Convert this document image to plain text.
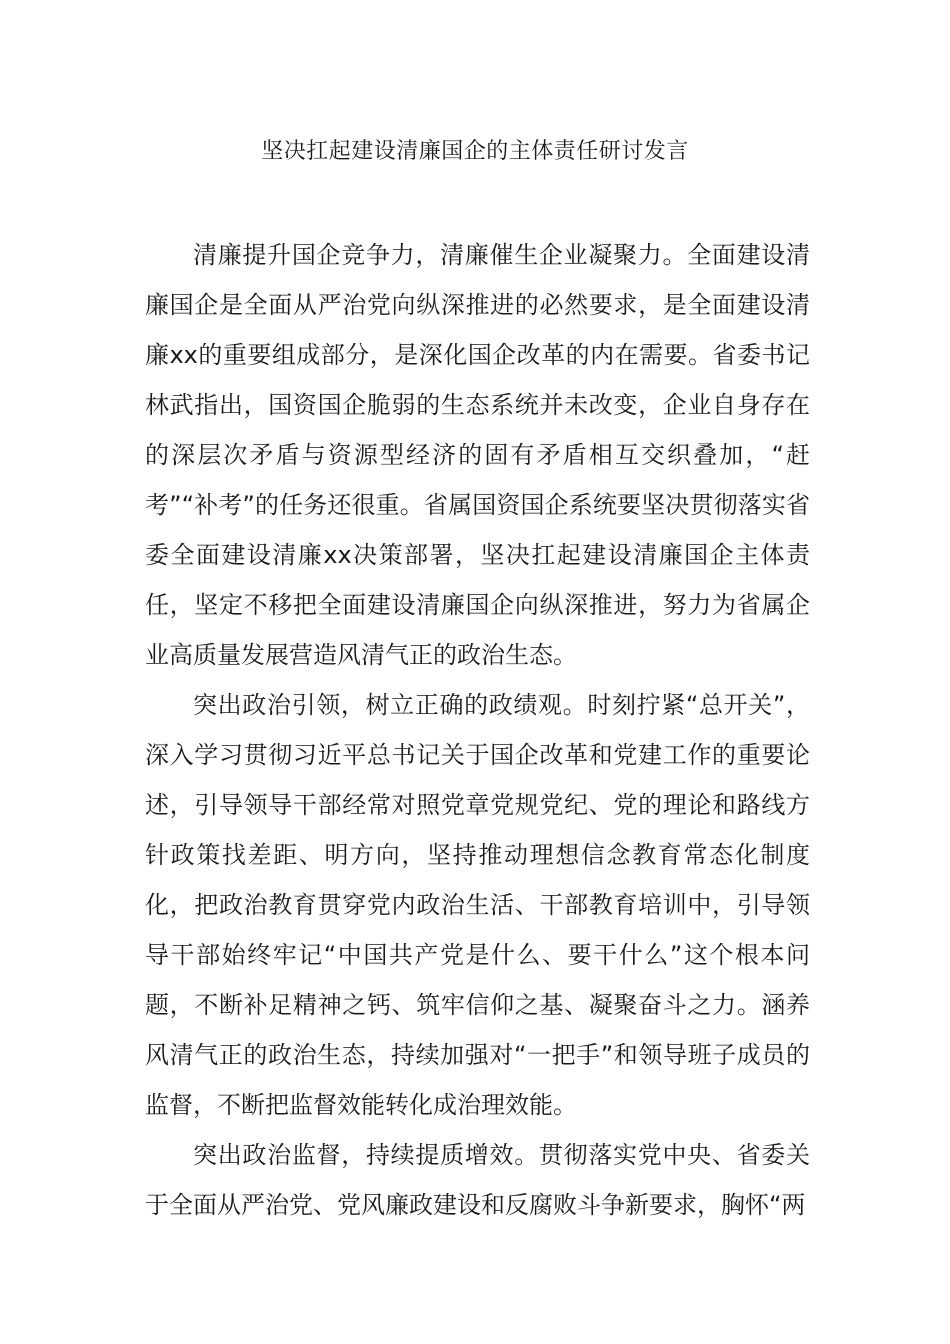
坚决扛起建设清廉国企的主体责任研讨发言

清廉提升国企竞争力，清廉催生企业凝聚力。全面建设清廉国企是全面从严治党向纵深推进的必然要求，是全面建设清廉xx的重要组成部分，是深化国企改革的内在需要。省委书记林武指出，国资国企脆弱的生态系统并未改变，企业自身存在的深层次矛盾与资源型经济的固有矛盾相互交织叠加，“赶考”“补考”的任务还很重。省属国资国企系统要坚决贯彻落实省委全面建设清廉xx决策部署，坚决扛起建设清廉国企主体责任，坚定不移把全面建设清廉国企向纵深推进，努力为省属企业高质量发展营造风清气正的政治生态。

突出政治引领，树立正确的政绩观。时刻拧紧“总开关”，深入学习贯彻习近平总书记关于国企改革和党建工作的重要论述，引导领导干部经常对照党章党规党纪、党的理论和路线方针政策找差距、明方向，坚持推动理想信念教育常态化制度化，把政治教育贯穿党内政治生活、干部教育培训中，引导领导干部始终牢记“中国共产党是什么、要干什么”这个根本问题，不断补足精神之钙、筑牢信仰之基、凝聚奋斗之力。涵养风清气正的政治生态，持续加强对“一把手”和领导班子成员的监督，不断把监督效能转化成治理效能。

突出政治监督，持续提质增效。贯彻落实党中央、省委关于全面从严治党、党风廉政建设和反腐败斗争新要求，胸怀“两
